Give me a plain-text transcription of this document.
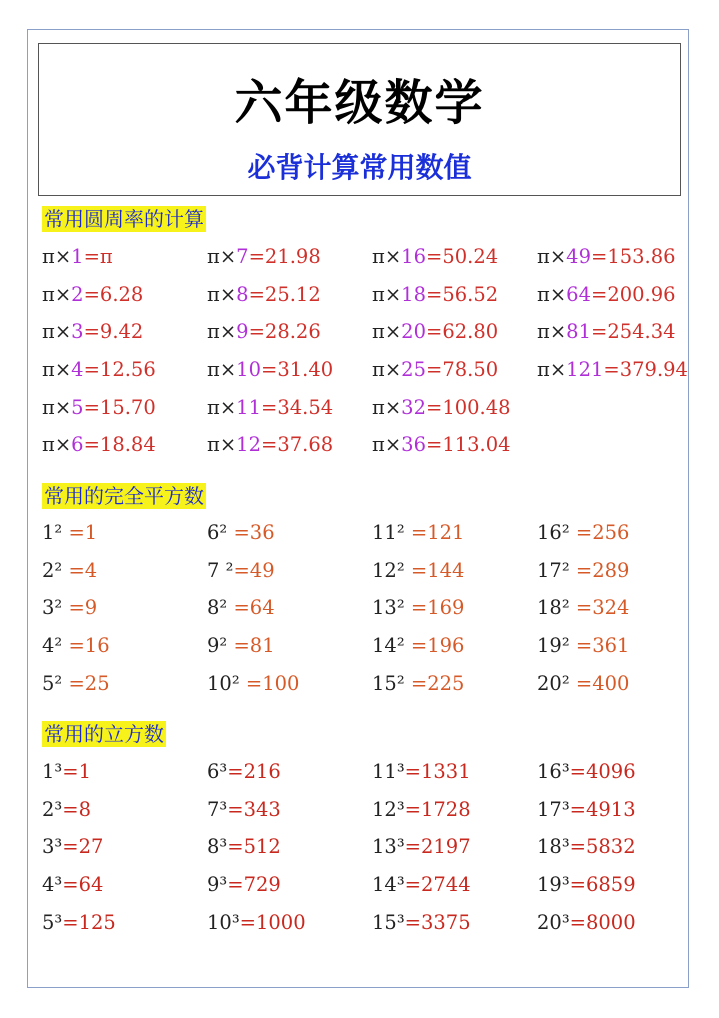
六年级数学
必背计算常用数值
常用圆周率的计算
π×1=π	π×7=21.98	π×16=50.24 π×49=153.86
π×2=6.28	π×8=25.12	π×18=56.52 π×64=200.96
π×3=9.42	π×9=28.26	π×20=62.80 π×81=254.34
π×4=12.56	π×10=31.40 π×25=78.50 π×121=379.94
π×5=15.70	π×11=34.54 π×32=100.48
π×6=18.84	π×12=37.68 π×36=113.04
常用的完全平方数
1² =1	6² =36	11² =121	16² =256
2² =4	7 ²=49	12² =144	17² =289
3² =9	8² =64	13² =169	18² =324
4² =16	9² =81	14² =196	19² =361
5² =25	10² =100	15² =225	20² =400
常用的立方数
1³=1	6³=216	11³=1331	16³=4096
2³=8	7³=343	12³=1728	17³=4913
3³=27	8³=512	13³=2197	18³=5832
4³=64	9³=729	14³=2744	19³=6859
5³=125	10³=1000	15³=3375	20³=8000
